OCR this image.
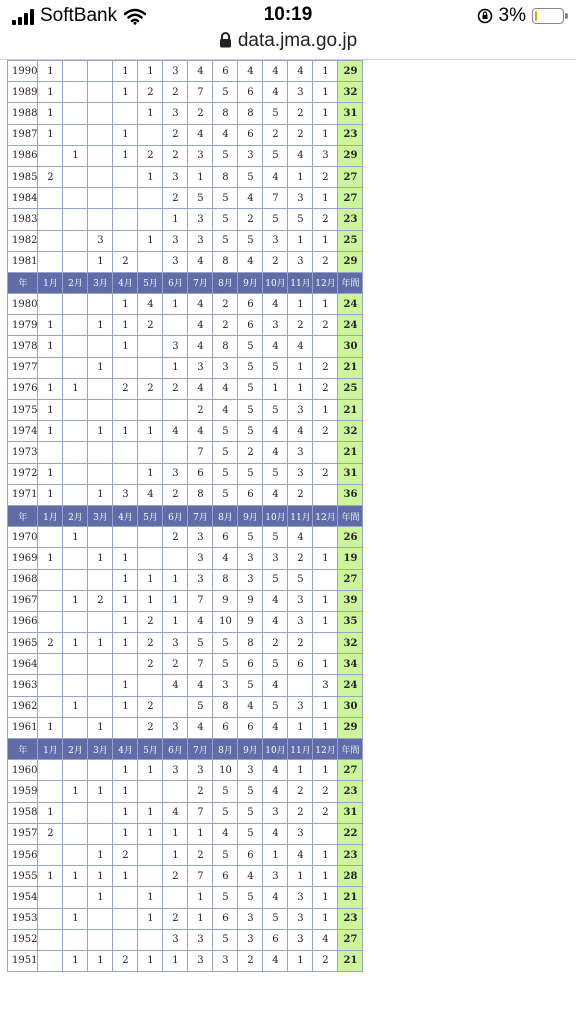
SoftBank	10:19	3%
data.jma.go.jp
1990	1			1	1	3	4	6	4	4	4	1	29
1989	1			1	2	2	7	5	6	4	3	1	32
1988	1				1	3	2	8	8	5	2	1	31
1987	1			1		2	4	4	6	2	2	1	23
1986		1		1	2	2	3	5	3	5	4	3	29
1985	2				1	3	1	8	5	4	1	2	27
1984						2	5	5	4	7	3	1	27
1983						1	3	5	2	5	5	2	23
1982			3		1	3	3	5	5	3	1	1	25
1981			1	2		3	4	8	4	2	3	2	29
年	1月	2月	3月	4月	5月	6月	7月	8月	9月	10月	11月	12月	年間
1980				1	4	1	4	2	6	4	1	1	24
1979	1		1	1	2		4	2	6	3	2	2	24
1978	1			1		3	4	8	5	4	4		30
1977			1			1	3	3	5	5	1	2	21
1976	1	1		2	2	2	4	4	5	1	1	2	25
1975	1						2	4	5	5	3	1	21
1974	1		1	1	1	4	4	5	5	4	4	2	32
1973							7	5	2	4	3		21
1972	1				1	3	6	5	5	5	3	2	31
1971	1		1	3	4	2	8	5	6	4	2		36
年	1月	2月	3月	4月	5月	6月	7月	8月	9月	10月	11月	12月	年間
1970		1				2	3	6	5	5	4		26
1969	1		1	1			3	4	3	3	2	1	19
1968				1	1	1	3	8	3	5	5		27
1967		1	2	1	1	1	7	9	9	4	3	1	39
1966				1	2	1	4	10	9	4	3	1	35
1965	2	1	1	1	2	3	5	5	8	2	2		32
1964					2	2	7	5	6	5	6	1	34
1963				1		4	4	3	5	4		3	24
1962		1		1	2		5	8	4	5	3	1	30
1961	1		1		2	3	4	6	6	4	1	1	29
年	1月	2月	3月	4月	5月	6月	7月	8月	9月	10月	11月	12月	年間
1960				1	1	3	3	10	3	4	1	1	27
1959		1	1	1			2	5	5	4	2	2	23
1958	1			1	1	4	7	5	5	3	2	2	31
1957	2			1	1	1	1	4	5	4	3		22
1956			1	2		1	2	5	6	1	4	1	23
1955	1	1	1	1		2	7	6	4	3	1	1	28
1954			1		1		1	5	5	4	3	1	21
1953		1			1	2	1	6	3	5	3	1	23
1952						3	3	5	3	6	3	4	27
1951		1	1	2	1	1	3	3	2	4	1	2	21
